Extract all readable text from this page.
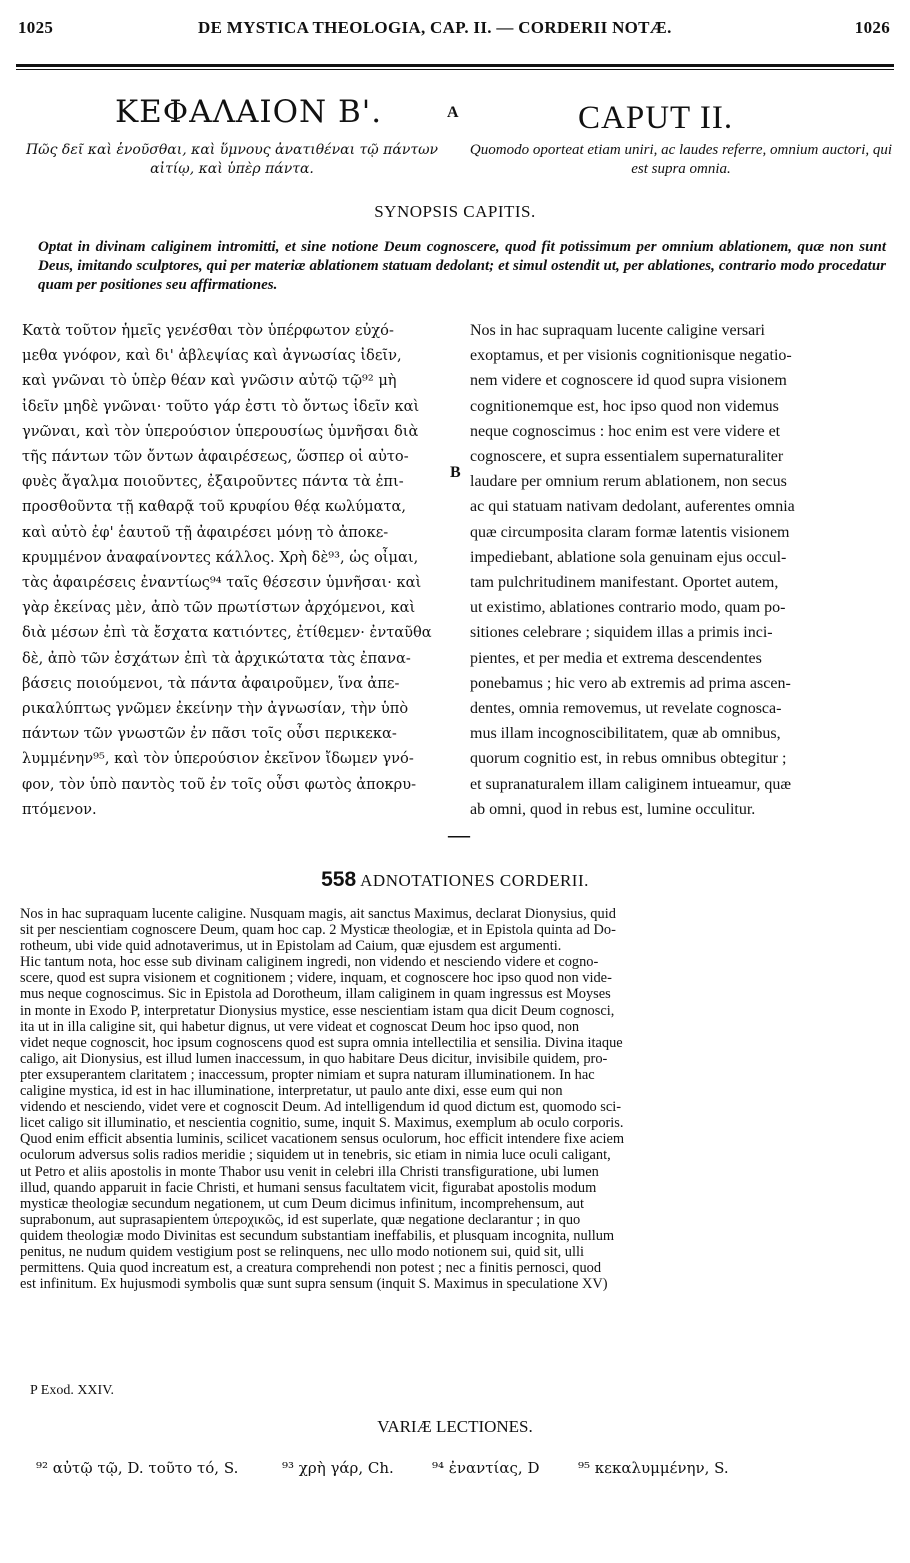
1025	DE MYSTICA THEOLOGIA, CAP. II. — CORDERII NOTÆ.	1026
ΚΕΦΑΛΑΙΟΝ Β'.	A	CAPUT II.
Πῶς δεῖ καὶ ἑνοῦσθαι, καὶ ὕμνους ἀνατιθέναι τῷ πάντων αἰτίῳ, καὶ ὑπὲρ πάντα.
Quomodo oporteat etiam uniri, ac laudes referre, omnium auctori, qui est supra omnia.
SYNOPSIS CAPITIS.
Optat in divinam caliginem intromitti, et sine notione Deum cognoscere, quod fit potissimum per omnium ablationem, quæ non sunt Deus, imitando sculptores, qui per materiæ ablationem statuam dedolant; et simul ostendit ut, per ablationes, contrario modo procedatur quam per positiones seu affirmationes.
Κατὰ τοῦτον ἡμεῖς γενέσθαι τὸν ὑπέρφωτον εὐχό-
μεθα γνόφον, καὶ δι' ἀβλεψίας καὶ ἀγνωσίας ἰδεῖν,
καὶ γνῶναι τὸ ὑπὲρ θέαν καὶ γνῶσιν αὐτῷ τῷ⁹² μὴ
ἰδεῖν μηδὲ γνῶναι· τοῦτο γάρ ἐστι τὸ ὄντως ἰδεῖν καὶ
γνῶναι, καὶ τὸν ὑπερούσιον ὑπερουσίως ὑμνῆσαι διὰ
τῆς πάντων τῶν ὄντων ἀφαιρέσεως, ὥσπερ οἱ αὐτο-
φυὲς ἄγαλμα ποιοῦντες, ἐξαιροῦντες πάντα τὰ ἐπι-
προσθοῦντα τῇ καθαρᾷ τοῦ κρυφίου θέᾳ κωλύματα,
καὶ αὐτὸ ἐφ' ἑαυτοῦ τῇ ἀφαιρέσει μόνῃ τὸ ἀποκε-
κρυμμένον ἀναφαίνοντες κάλλος. Χρὴ δὲ⁹³, ὡς οἶμαι,
τὰς ἀφαιρέσεις ἐναντίως⁹⁴ ταῖς θέσεσιν ὑμνῆσαι· καὶ
γὰρ ἐκείνας μὲν, ἀπὸ τῶν πρωτίστων ἀρχόμενοι, καὶ
διὰ μέσων ἐπὶ τὰ ἔσχατα κατιόντες, ἐτίθεμεν· ἐνταῦθα
δὲ, ἀπὸ τῶν ἐσχάτων ἐπὶ τὰ ἀρχικώτατα τὰς ἐπανα-
βάσεις ποιούμενοι, τὰ πάντα ἀφαιροῦμεν, ἵνα ἀπε-
ρικαλύπτως γνῶμεν ἐκείνην τὴν ἀγνωσίαν, τὴν ὑπὸ
πάντων τῶν γνωστῶν ἐν πᾶσι τοῖς οὖσι περικεκα-
λυμμένην⁹⁵, καὶ τὸν ὑπερούσιον ἐκεῖνον ἴδωμεν γνό-
φον, τὸν ὑπὸ παντὸς τοῦ ἐν τοῖς οὖσι φωτὸς ἀποκρυ-
πτόμενον.
B
Nos in hac supraquam lucente caligine versari
exoptamus, et per visionis cognitionisque negatio-
nem videre et cognoscere id quod supra visionem
cognitionemque est, hoc ipso quod non videmus
neque cognoscimus : hoc enim est vere videre et
cognoscere, et supra essentialem supernaturaliter
laudare per omnium rerum ablationem, non secus
ac qui statuam nativam dedolant, auferentes omnia
quæ circumposita claram formæ latentis visionem
impediebant, ablatione sola genuinam ejus occul-
tam pulchritudinem manifestant. Oportet autem,
ut existimo, ablationes contrario modo, quam po-
sitiones celebrare ; siquidem illas a primis inci-
pientes, et per media et extrema descendentes
ponebamus ; hic vero ab extremis ad prima ascen-
dentes, omnia removemus, ut revelate cognosca-
mus illam incognoscibilitatem, quæ ab omnibus,
quorum cognitio est, in rebus omnibus obtegitur ;
et supranaturalem illam caliginem intueamur, quæ
ab omni, quod in rebus est, lumine occulitur.
—
558 ADNOTATIONES CORDERII.
Nos in hac supraquam lucente caligine. Nusquam magis, ait sanctus Maximus, declarat Dionysius, quid
sit per nescientiam cognoscere Deum, quam hoc cap. 2 Mysticæ theologiæ, et in Epistola quinta ad Do-
rotheum, ubi vide quid adnotaverimus, ut in Epistolam ad Caium, quæ ejusdem est argumenti.
Hic tantum nota, hoc esse sub divinam caliginem ingredi, non videndo et nesciendo videre et cogno-
scere, quod est supra visionem et cognitionem ; videre, inquam, et cognoscere hoc ipso quod non vide-
mus neque cognoscimus. Sic in Epistola ad Dorotheum, illam caliginem in quam ingressus est Moyses
in monte in Exodo P, interpretatur Dionysius mystice, esse nescientiam istam qua dicit Deum cognosci,
ita ut in illa caligine sit, qui habetur dignus, ut vere videat et cognoscat Deum hoc ipso quod, non
videt neque cognoscit, hoc ipsum cognoscens quod est supra omnia intellectilia et sensilia. Divina itaque
caligo, ait Dionysius, est illud lumen inaccessum, in quo habitare Deus dicitur, invisibile quidem, pro-
pter exsuperantem claritatem ; inaccessum, propter nimiam et supra naturam illuminationem. In hac
caligine mystica, id est in hac illuminatione, interpretatur, ut paulo ante dixi, esse eum qui non
videndo et nesciendo, videt vere et cognoscit Deum. Ad intelligendum id quod dictum est, quomodo sci-
licet caligo sit illuminatio, et nescientia cognitio, sume, inquit S. Maximus, exemplum ab oculo corporis.
Quod enim efficit absentia luminis, scilicet vacationem sensus oculorum, hoc efficit intendere fixe aciem
oculorum adversus solis radios meridie ; siquidem ut in tenebris, sic etiam in nimia luce oculi caligant,
ut Petro et aliis apostolis in monte Thabor usu venit in celebri illa Christi transfiguratione, ubi lumen
illud, quando apparuit in facie Christi, et humani sensus facultatem vicit, figurabat apostolis modum
mysticæ theologiæ secundum negationem, ut cum Deum dicimus infinitum, incomprehensum, aut
suprabonum, aut suprasapientem ὑπεροχικῶς, id est superlate, quæ negatione declarantur ; in quo
quidem theologiæ modo Divinitas est secundum substantiam ineffabilis, et plusquam incognita, nullum
penitus, ne nudum quidem vestigium post se relinquens, nec ullo modo notionem sui, quid sit, ulli
permittens. Quia quod increatum est, a creatura comprehendi non potest ; nec a finitis pernosci, quod
est infinitum. Ex hujusmodi symbolis quæ sunt supra sensum (inquit S. Maximus in speculatione XV)
P Exod. XXIV.
VARIÆ LECTIONES.
⁹² αὐτῷ τῷ, D. τοῦτο τό, S.	⁹³ χρὴ γάρ, Ch.	⁹⁴ ἐναντίας, D	⁹⁵ κεκαλυμμένην, S.
